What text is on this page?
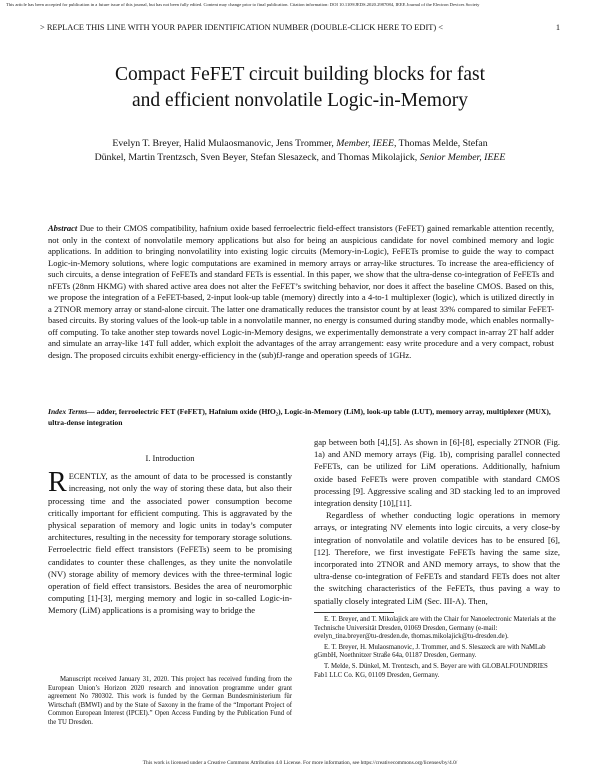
This article has been accepted for publication in a future issue of this journal, but has not been fully edited. Content may change prior to final publication. Citation information: DOI 10.1109/JEDS.2020.2987084, IEEE Journal of the Electron Devices Society
> REPLACE THIS LINE WITH YOUR PAPER IDENTIFICATION NUMBER (DOUBLE-CLICK HERE TO EDIT) <	1
Compact FeFET circuit building blocks for fast
and efficient nonvolatile Logic-in-Memory
Evelyn T. Breyer, Halid Mulaosmanovic, Jens Trommer, Member, IEEE, Thomas Melde, Stefan
Dünkel, Martin Trentzsch, Sven Beyer, Stefan Slesazeck, and Thomas Mikolajick, Senior Member, IEEE
Abstract Due to their CMOS compatibility, hafnium oxide based ferroelectric field-effect transistors (FeFET) gained remarkable attention recently, not only in the context of nonvolatile memory applications but also for being an auspicious candidate for novel combined memory and logic applications. In addition to bringing nonvolatility into existing logic circuits (Memory-in-Logic), FeFETs promise to guide the way to compact Logic-in-Memory solutions, where logic computations are examined in memory arrays or array-like structures. To increase the area-efficiency of such circuits, a dense integration of FeFETs and standard FETs is essential. In this paper, we show that the ultra-dense co-integration of FeFETs and nFETs (28nm HKMG) with shared active area does not alter the FeFET’s switching behavior, nor does it affect the baseline CMOS. Based on this, we propose the integration of a FeFET-based, 2-input look-up table (memory) directly into a 4-to-1 multiplexer (logic), which is utilized directly in a 2TNOR memory array or stand-alone circuit. The latter one dramatically reduces the transistor count by at least 33% compared to similar FeFET-based circuits. By storing values of the look-up table in a nonvolatile manner, no energy is consumed during standby mode, which enables normally-off computing. To take another step towards novel Logic-in-Memory designs, we experimentally demonstrate a very compact in-array 2T half adder and simulate an array-like 14T full adder, which exploit the advantages of the array arrangement: easy write procedure and a very compact, robust design. The proposed circuits exhibit energy-efficiency in the (sub)fJ-range and operation speeds of 1GHz.
Index Terms— adder, ferroelectric FET (FeFET), Hafnium oxide (HfO₂), Logic-in-Memory (LiM), look-up table (LUT), memory array, multiplexer (MUX), ultra-dense integration
I. Introduction

RECENTLY, as the amount of data to be processed is constantly increasing, not only the way of storing these data, but also their processing time and the associated power consumption become critically important for efficient computing. This is aggravated by the physical separation of memory and logic units in today’s computer architectures, resulting in the necessity for temporary storage solutions. Ferroelectric field effect transistors (FeFETs) seem to be promising candidates to counter these challenges, as they unite the nonvolatile (NV) storage ability of memory devices with the three-terminal logic operation of field effect transistors. Besides the area of neuromorphic computing [1]-[3], merging memory and logic in so-called Logic-in-Memory (LiM) applications is a promising way to bridge the

gap between both [4],[5]. As shown in [6]-[8], especially 2TNOR (Fig. 1a) and AND memory arrays (Fig. 1b), comprising parallel connected FeFETs, can be utilized for LiM operations. Additionally, hafnium oxide based FeFETs were proven compatible with standard CMOS processing [9]. Aggressive scaling and 3D stacking led to an improved integration density [10],[11].

Regardless of whether conducting logic operations in memory arrays, or integrating NV elements into logic circuits, a very close-by integration of nonvolatile and volatile devices has to be ensured [6],[12]. Therefore, we first investigate FeFETs having the same size, incorporated into 2TNOR and AND memory arrays, to show that the ultra-dense co-integration of FeFETs and standard FETs does not alter the switching characteristics of the FeFETs, thus paving a way to spatially closely integrated LiM (Sec. III-A). Then,

Manuscript received January 31, 2020. This project has received funding from the European Union’s Horizon 2020 research and innovation programme under grant agreement No 780302. This work is funded by the German Bundesministerium für Wirtschaft (BMWI) and by the State of Saxony in the frame of the “Important Project of Common European Interest (IPCEI).” Open Access Funding by the Publication Fund of the TU Dresden.

E. T. Breyer, and T. Mikolajick are with the Chair for Nanoelectronic Materials at the Technische Universität Dresden, 01069 Dresden, Germany (e-mail: evelyn_tina.breyer@tu-dresden.de, thomas.mikolajick@tu-dresden.de).

E. T. Breyer, H. Mulaosmanovic, J. Trommer, and S. Slesazeck are with NaMLab gGmbH, Noethnitzer Straße 64a, 01187 Dresden, Germany.

T. Melde, S. Dünkel, M. Trentzsch, and S. Beyer are with GLOBALFOUNDRIES Fab1 LLC Co. KG, 01109 Dresden, Germany.

This work is licensed under a Creative Commons Attribution 4.0 License. For more information, see https://creativecommons.org/licenses/by/4.0/
